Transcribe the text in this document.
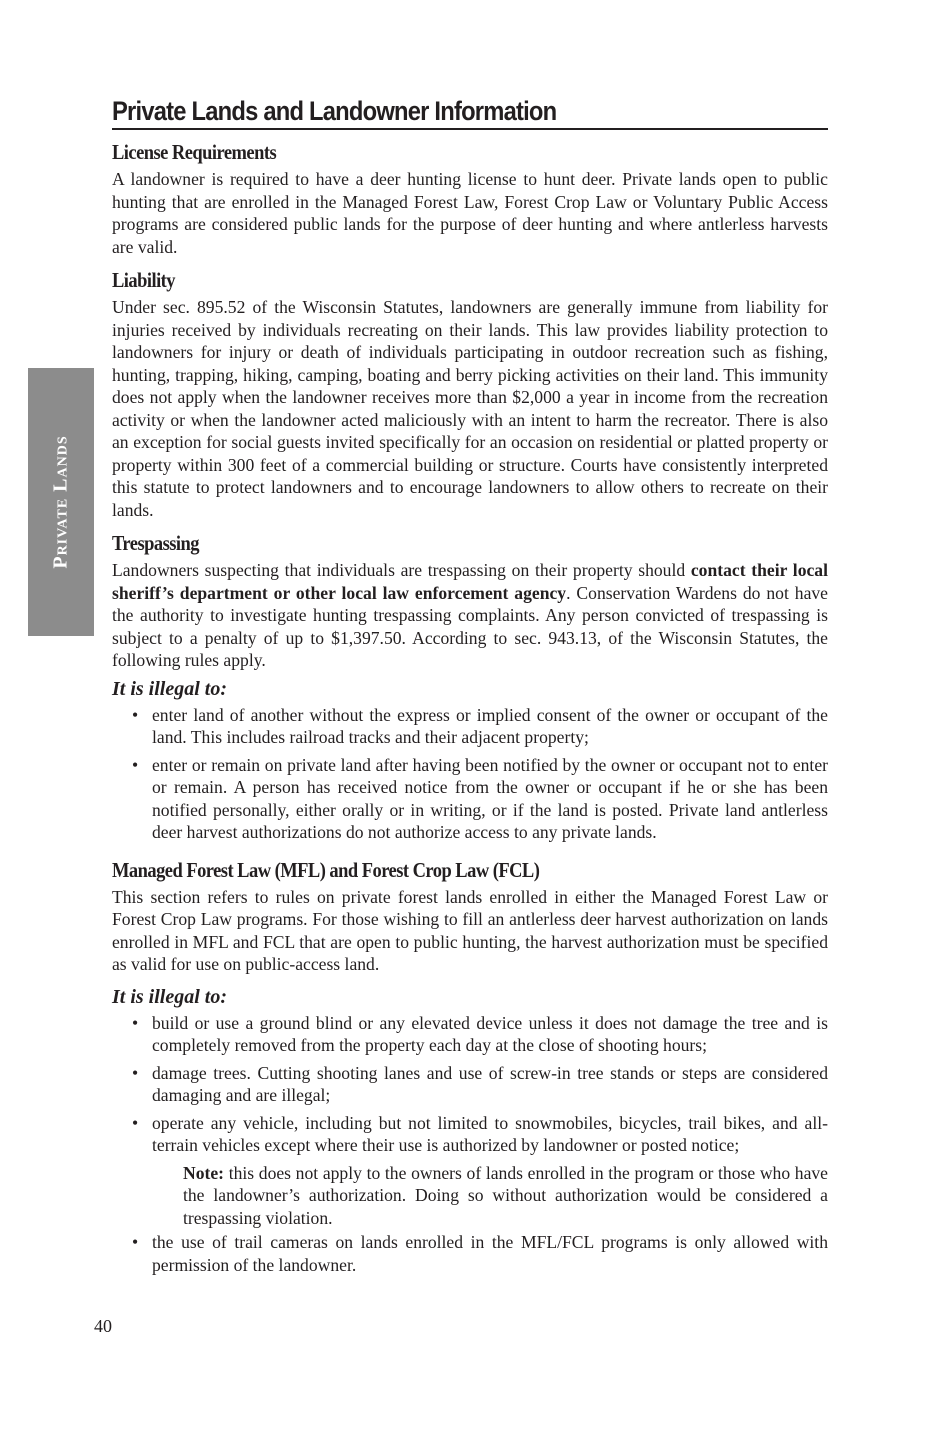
Private Lands
Private Lands and Landowner Information
License Requirements

A landowner is required to have a deer hunting license to hunt deer. Private lands open to public hunting that are enrolled in the Managed Forest Law, Forest Crop Law or Voluntary Public Access programs are considered public lands for the purpose of deer hunting and where antlerless harvests are valid.

Liability

Under sec. 895.52 of the Wisconsin Statutes, landowners are generally immune from liability for injuries received by individuals recreating on their lands. This law provides liability protection to landowners for injury or death of individuals participating in outdoor recreation such as fishing, hunting, trapping, hiking, camping, boating and berry picking activities on their land. This immunity does not apply when the landowner receives more than $2,000 a year in income from the recreation activity or when the landowner acted maliciously with an intent to harm the recreator. There is also an exception for social guests invited specifically for an occasion on residential or platted property or property within 300 feet of a commercial building or structure. Courts have consistently interpreted this statute to protect landowners and to encourage landowners to allow others to recreate on their lands.

Trespassing

Landowners suspecting that individuals are trespassing on their property should contact their local sheriff’s department or other local law enforcement agency. Conservation Wardens do not have the authority to investigate hunting trespassing complaints. Any person convicted of trespassing is subject to a penalty of up to $1,397.50. According to sec. 943.13, of the Wisconsin Statutes, the following rules apply.

It is illegal to:
• enter land of another without the express or implied consent of the owner or occupant of the land. This includes railroad tracks and their adjacent property;
• enter or remain on private land after having been notified by the owner or occupant not to enter or remain. A person has received notice from the owner or occupant if he or she has been notified personally, either orally or in writing, or if the land is posted. Private land antlerless deer harvest authorizations do not authorize access to any private lands.
Managed Forest Law (MFL) and Forest Crop Law (FCL)

This section refers to rules on private forest lands enrolled in either the Managed Forest Law or Forest Crop Law programs. For those wishing to fill an antlerless deer harvest authorization on lands enrolled in MFL and FCL that are open to public hunting, the harvest authorization must be specified as valid for use on public-access land.

It is illegal to:
• build or use a ground blind or any elevated device unless it does not damage the tree and is completely removed from the property each day at the close of shooting hours;
• damage trees. Cutting shooting lanes and use of screw-in tree stands or steps are considered damaging and are illegal;
• operate any vehicle, including but not limited to snowmobiles, bicycles, trail bikes, and all-terrain vehicles except where their use is authorized by landowner or posted notice;

Note: this does not apply to the owners of lands enrolled in the program or those who have the landowner’s authorization. Doing so without authorization would be considered a trespassing violation.

• the use of trail cameras on lands enrolled in the MFL/FCL programs is only allowed with permission of the landowner.
40
